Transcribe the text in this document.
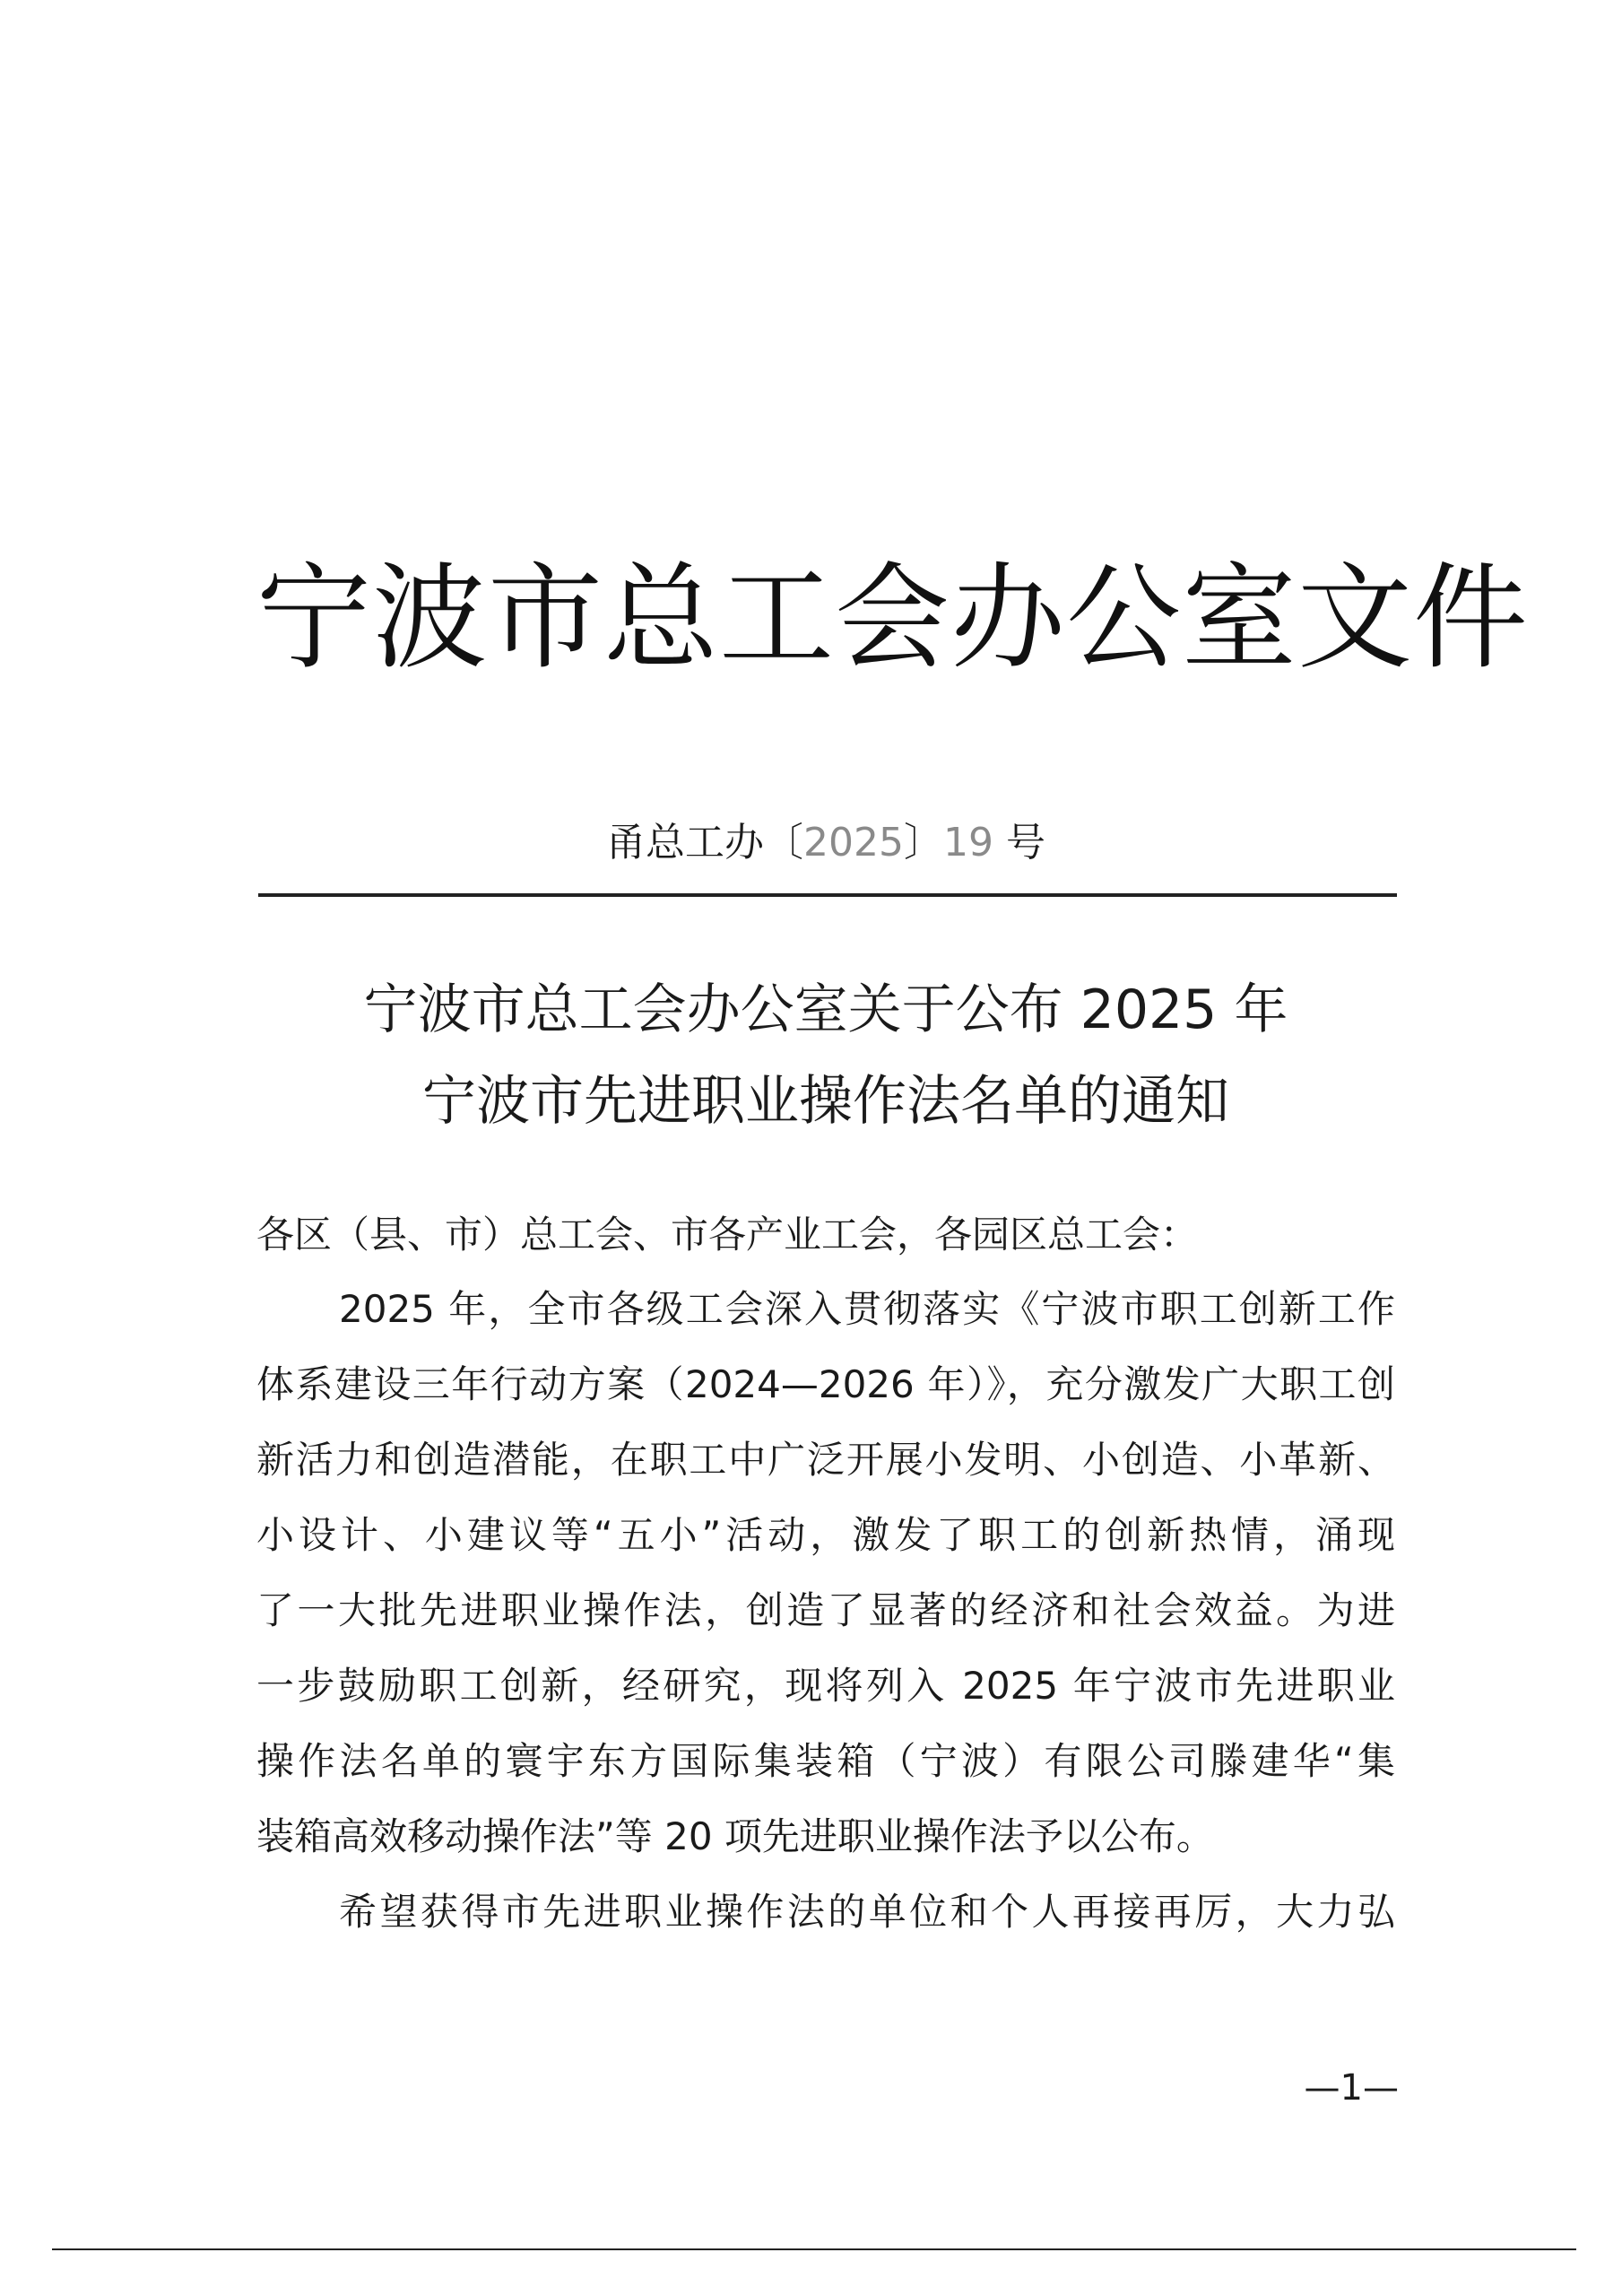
宁波市总工会办公室文件
甬总工办〔2025〕19 号
宁波市总工会办公室关于公布 2025 年
宁波市先进职业操作法名单的通知
各区（县、市）总工会、市各产业工会，各园区总工会：
2025 年，全市各级工会深入贯彻落实《宁波市职工创新工作
体系建设三年行动方案（2024—2026 年）》，充分激发广大职工创
新活力和创造潜能，在职工中广泛开展小发明、小创造、小革新、
小设计、小建议等“五小”活动，激发了职工的创新热情，涌现
了一大批先进职业操作法，创造了显著的经济和社会效益。为进
一步鼓励职工创新，经研究，现将列入 2025 年宁波市先进职业
操作法名单的寰宇东方国际集装箱（宁波）有限公司滕建华“集
装箱高效移动操作法”等 20 项先进职业操作法予以公布。
希望获得市先进职业操作法的单位和个人再接再厉，大力弘
—1—
